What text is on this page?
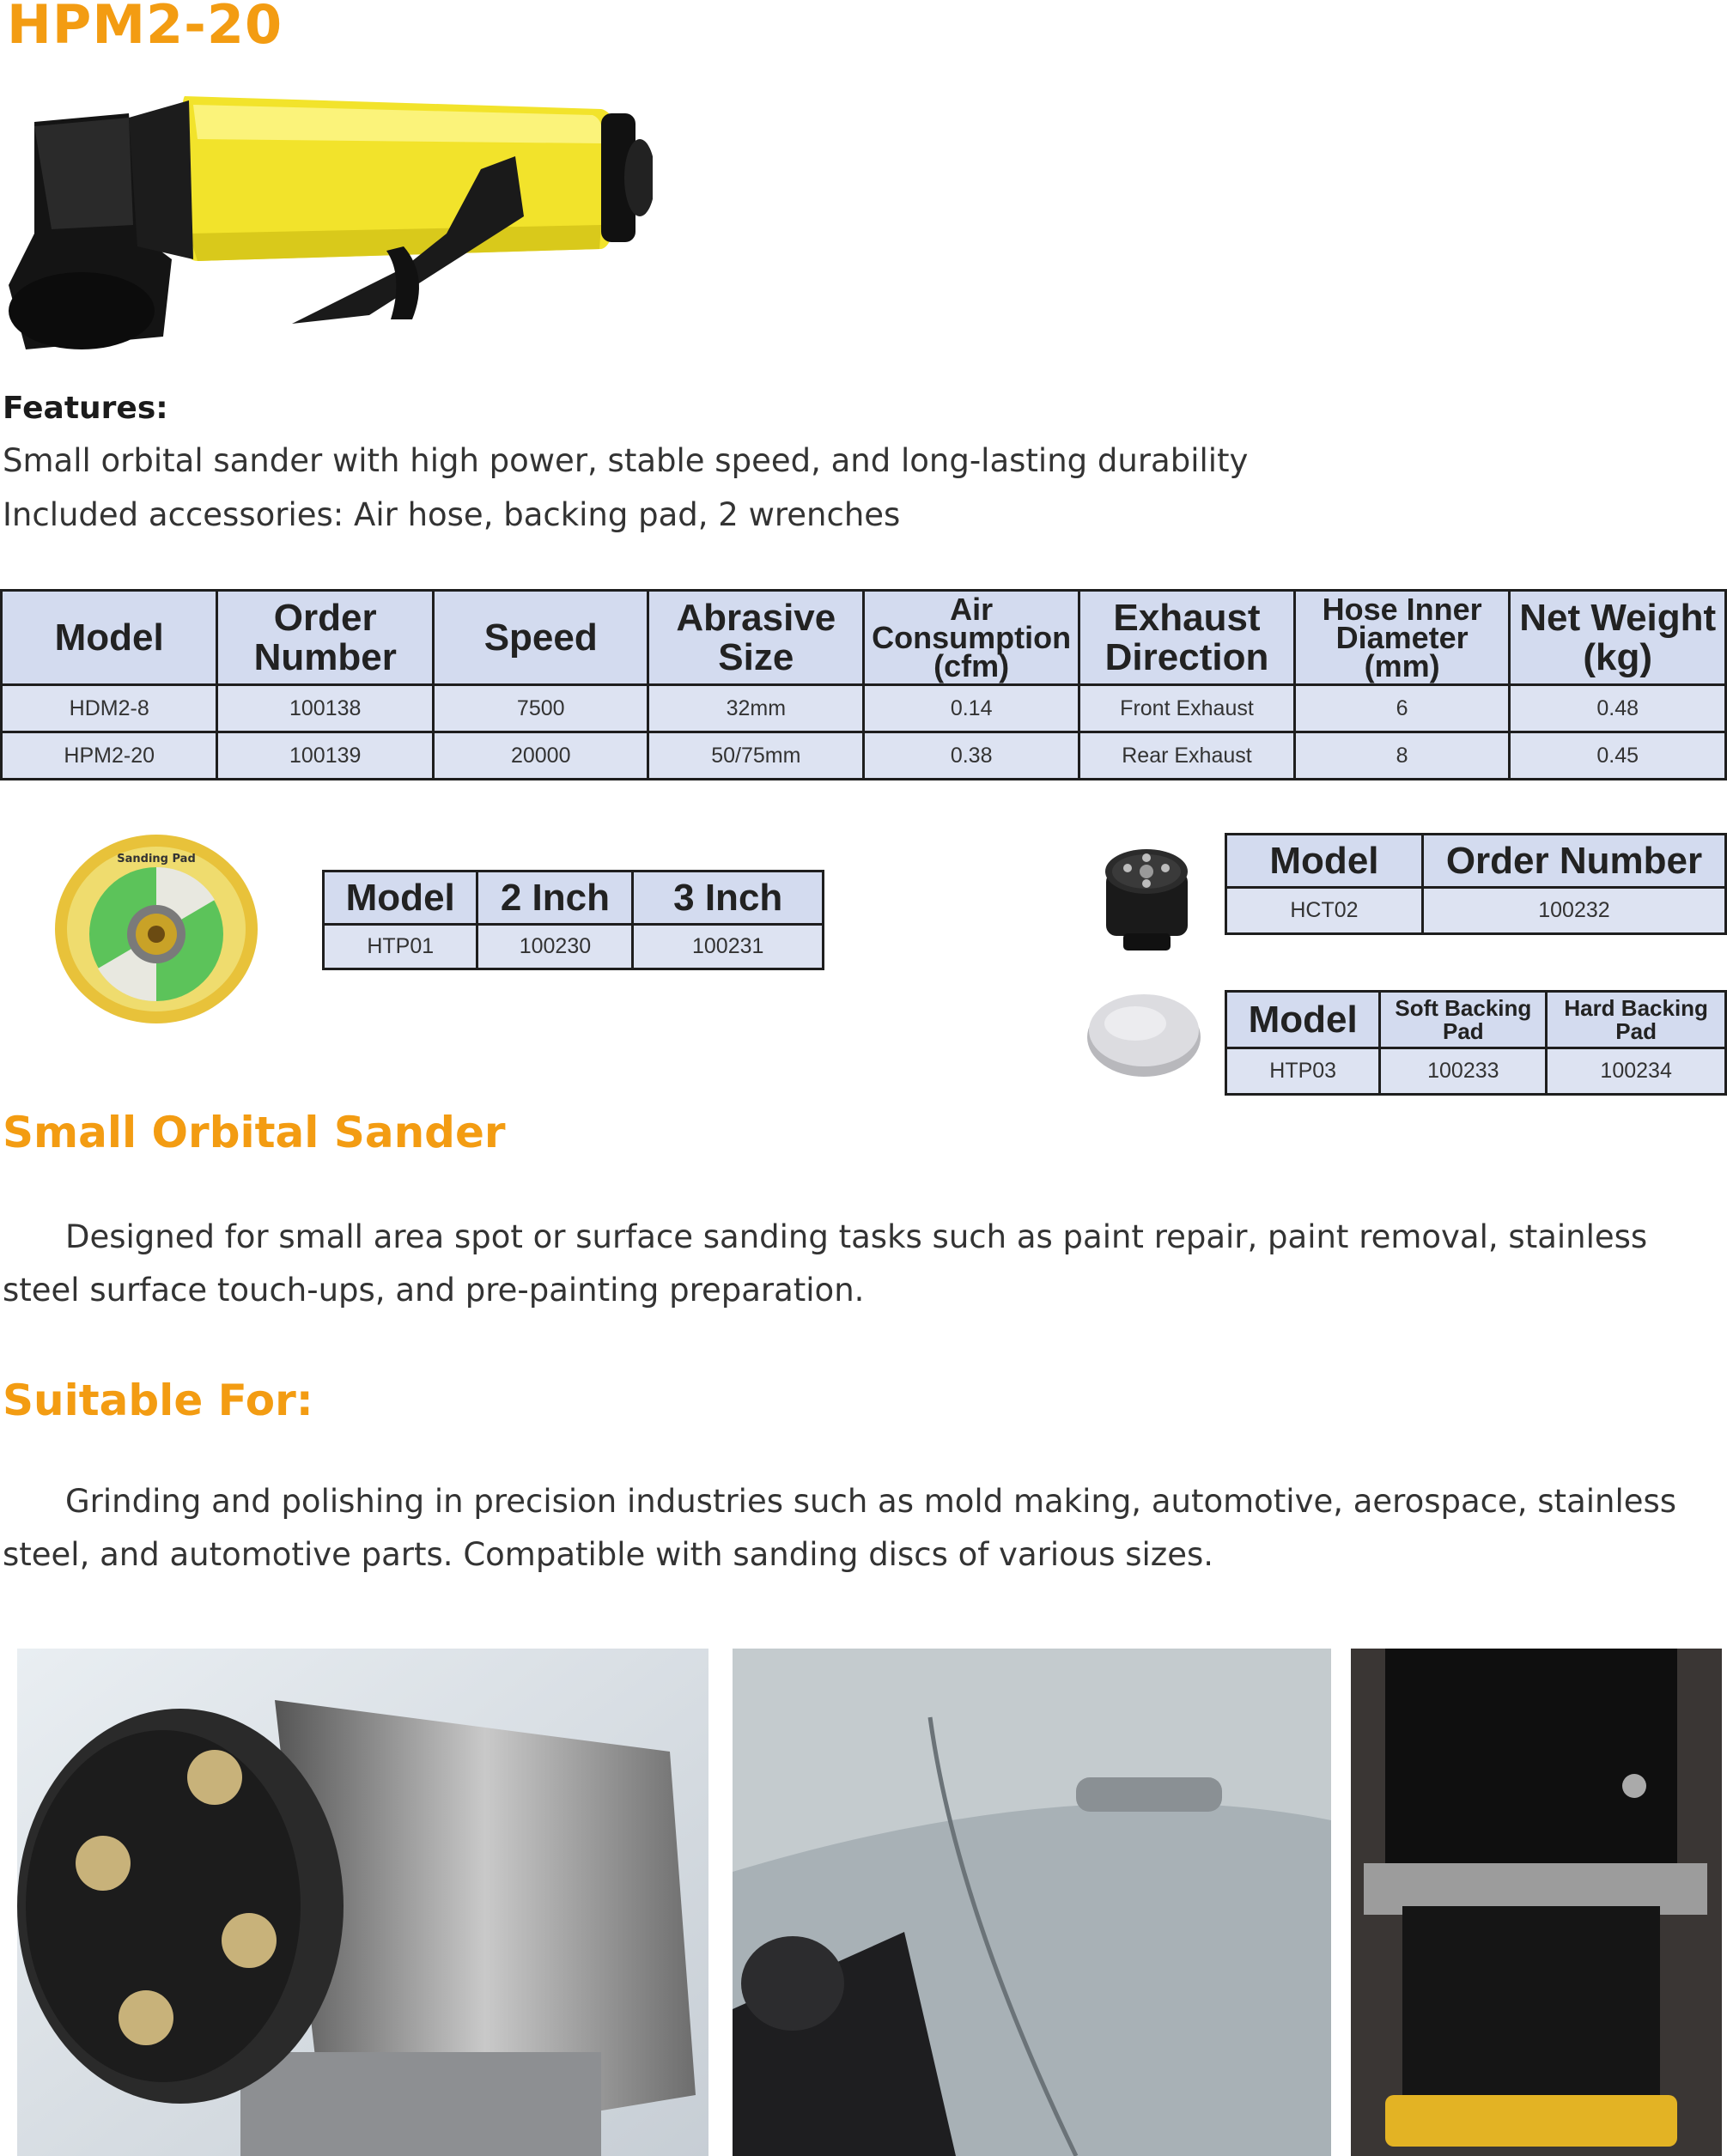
HPM2-20
Features:
Small orbital sander with high power, stable speed, and long-lasting durability
Included accessories: Air hose, backing pad, 2 wrenches
Model	Order Number	Speed	Abrasive Size	Air Consumption (cfm)	Exhaust Direction	Hose Inner Diameter (mm)	Net Weight (kg)
HDM2-8	100138	7500	32mm	0.14	Front Exhaust	6	0.48
HPM2-20	100139	20000	50/75mm	0.38	Rear Exhaust	8	0.45
Sanding Pad
Model	2 Inch	3 Inch
HTP01	100230	100231
Model	Order Number
HCT02	100232
Model	Soft Backing Pad	Hard Backing Pad
HTP03	100233	100234
Small Orbital Sander
Designed for small area spot or surface sanding tasks such as paint repair, paint removal, stainless steel surface touch-ups, and pre-painting preparation.
Suitable For:
Grinding and polishing in precision industries such as mold making, automotive, aerospace, stainless steel, and automotive parts. Compatible with sanding discs of various sizes.
